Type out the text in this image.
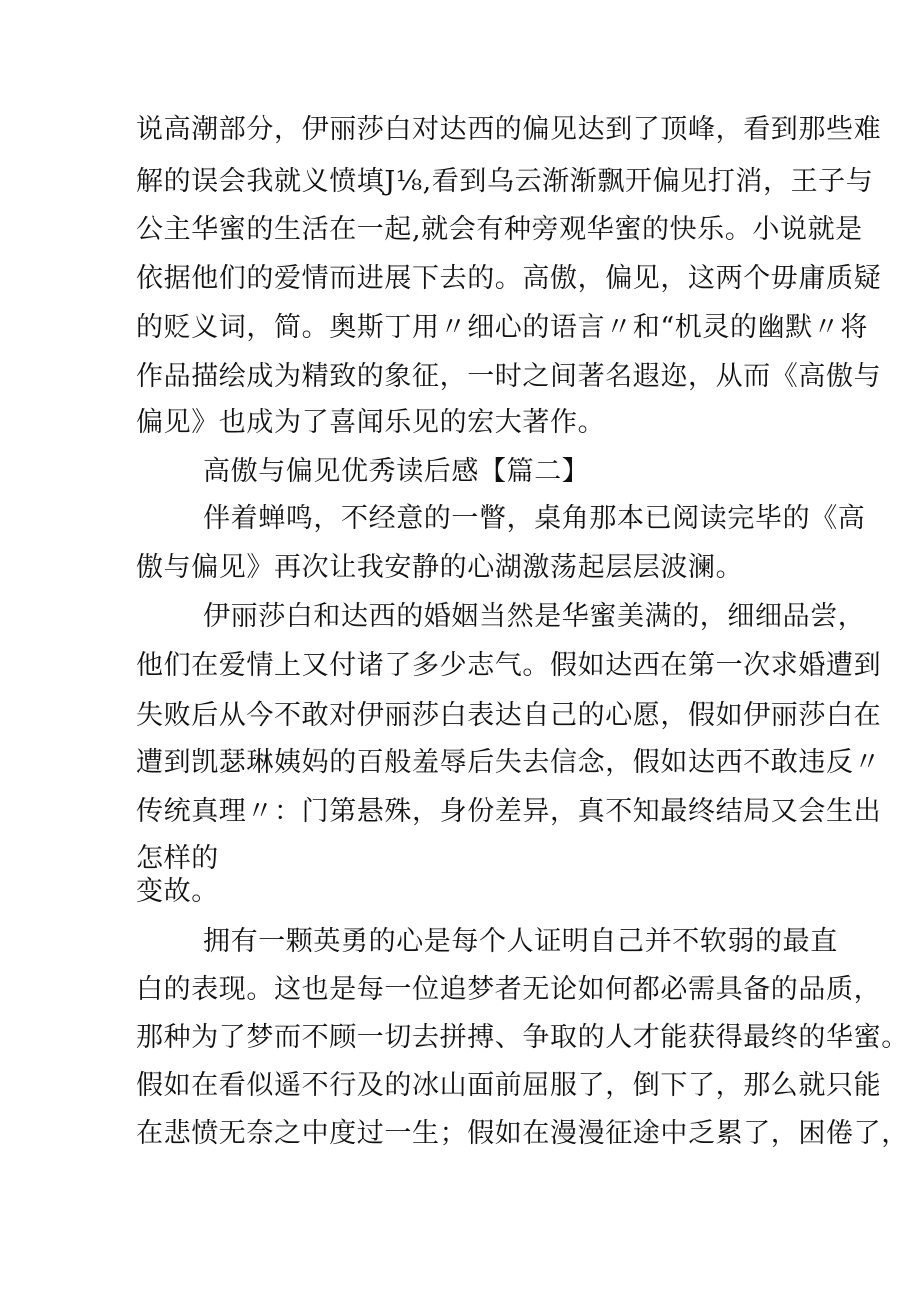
说高潮部分，伊丽莎白对达西的偏见达到了顶峰，看到那些难
解的误会我就义愤填J⅛,看到乌云渐渐飘开偏见打消，王子与
公主华蜜的生活在一起,就会有种旁观华蜜的快乐。小说就是
依据他们的爱情而进展下去的。高傲，偏见，这两个毋庸质疑
的贬义词，简。奥斯丁用〃细心的语言〃和“机灵的幽默〃将
作品描绘成为精致的象征，一时之间著名遐迩，从而《高傲与
偏见》也成为了喜闻乐见的宏大著作。
高傲与偏见优秀读后感【篇二】
伴着蝉鸣，不经意的一瞥，桌角那本已阅读完毕的《高
傲与偏见》再次让我安静的心湖激荡起层层波澜。
伊丽莎白和达西的婚姻当然是华蜜美满的，细细品尝，
他们在爱情上又付诸了多少志气。假如达西在第一次求婚遭到
失败后从今不敢对伊丽莎白表达自己的心愿，假如伊丽莎白在
遭到凯瑟琳姨妈的百般羞辱后失去信念，假如达西不敢违反〃
传统真理〃：门第悬殊，身份差异，真不知最终结局又会生出
怎样的
变故。
拥有一颗英勇的心是每个人证明自己并不软弱的最直
白的表现。这也是每一位追梦者无论如何都必需具备的品质，
那种为了梦而不顾一切去拼搏、争取的人才能获得最终的华蜜。
假如在看似遥不行及的冰山面前屈服了，倒下了，那么就只能
在悲愤无奈之中度过一生；假如在漫漫征途中乏累了，困倦了，
